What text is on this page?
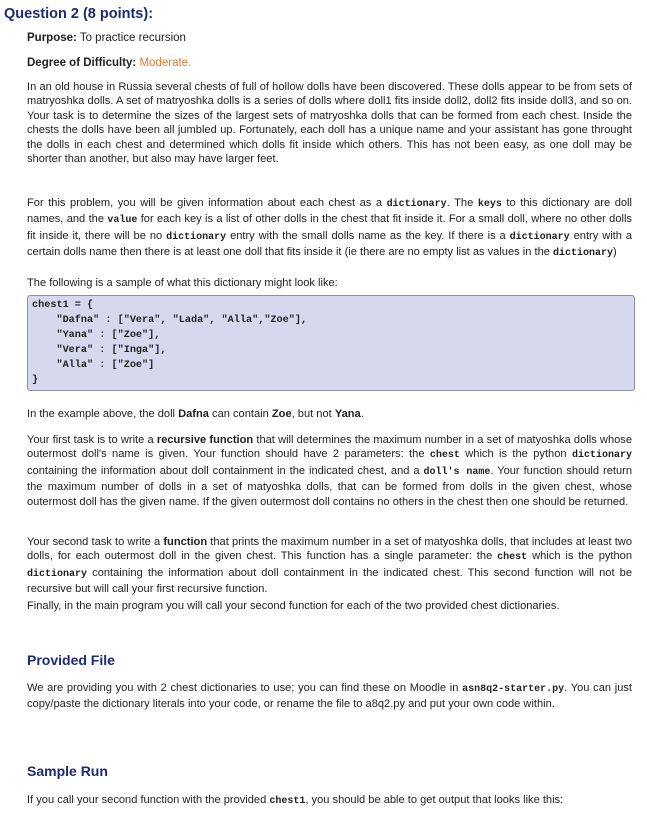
Question 2 (8 points):
Purpose: To practice recursion
Degree of Difficulty: Moderate.
In an old house in Russia several chests of full of hollow dolls have been discovered. These dolls appear to be from sets of matryoshka dolls. A set of matryoshka dolls is a series of dolls where doll1 fits inside doll2, doll2 fits inside doll3, and so on. Your task is to determine the sizes of the largest sets of matryoshka dolls that can be formed from each chest. Inside the chests the dolls have been all jumbled up. Fortunately, each doll has a unique name and your assistant has gone throught the dolls in each chest and determined which dolls fit inside which others. This has not been easy, as one doll may be shorter than another, but also may have larger feet.
For this problem, you will be given information about each chest as a dictionary. The keys to this dictionary are doll names, and the value for each key is a list of other dolls in the chest that fit inside it. For a small doll, where no other dolls fit inside it, there will be no dictionary entry with the small dolls name as the key. If there is a dictionary entry with a certain dolls name then there is at least one doll that fits inside it (ie there are no empty list as values in the dictionary)
The following is a sample of what this dictionary might look like:
chest1 = {
"Dafna" : ["Vera", "Lada", "Alla","Zoe"],
"Yana" : ["Zoe"],
"Vera" : ["Inga"],
"Alla" : ["Zoe"]
}
In the example above, the doll Dafna can contain Zoe, but not Yana.
Your first task is to write a recursive function that will determines the maximum number in a set of matyoshka dolls whose outermost doll's name is given. Your function should have 2 parameters: the chest which is the python dictionary containing the information about doll containment in the indicated chest, and a doll's name. Your function should return the maximum number of dolls in a set of matyoshka dolls, that can be formed from dolls in the given chest, whose outermost doll has the given name. If the given outermost doll contains no others in the chest then one should be returned.
Your second task to write a function that prints the maximum number in a set of matyoshka dolls, that includes at least two dolls, for each outermost doll in the given chest. This function has a single parameter: the chest which is the python dictionary containing the information about doll containment in the indicated chest. This second function will not be recursive but will call your first recursive function.
Finally, in the main program you will call your second function for each of the two provided chest dictionaries.
Provided File
We are providing you with 2 chest dictionaries to use; you can find these on Moodle in asn8q2-starter.py. You can just copy/paste the dictionary literals into your code, or rename the file to a8q2.py and put your own code within.
Sample Run
If you call your second function with the provided chest1, you should be able to get output that looks like this:
